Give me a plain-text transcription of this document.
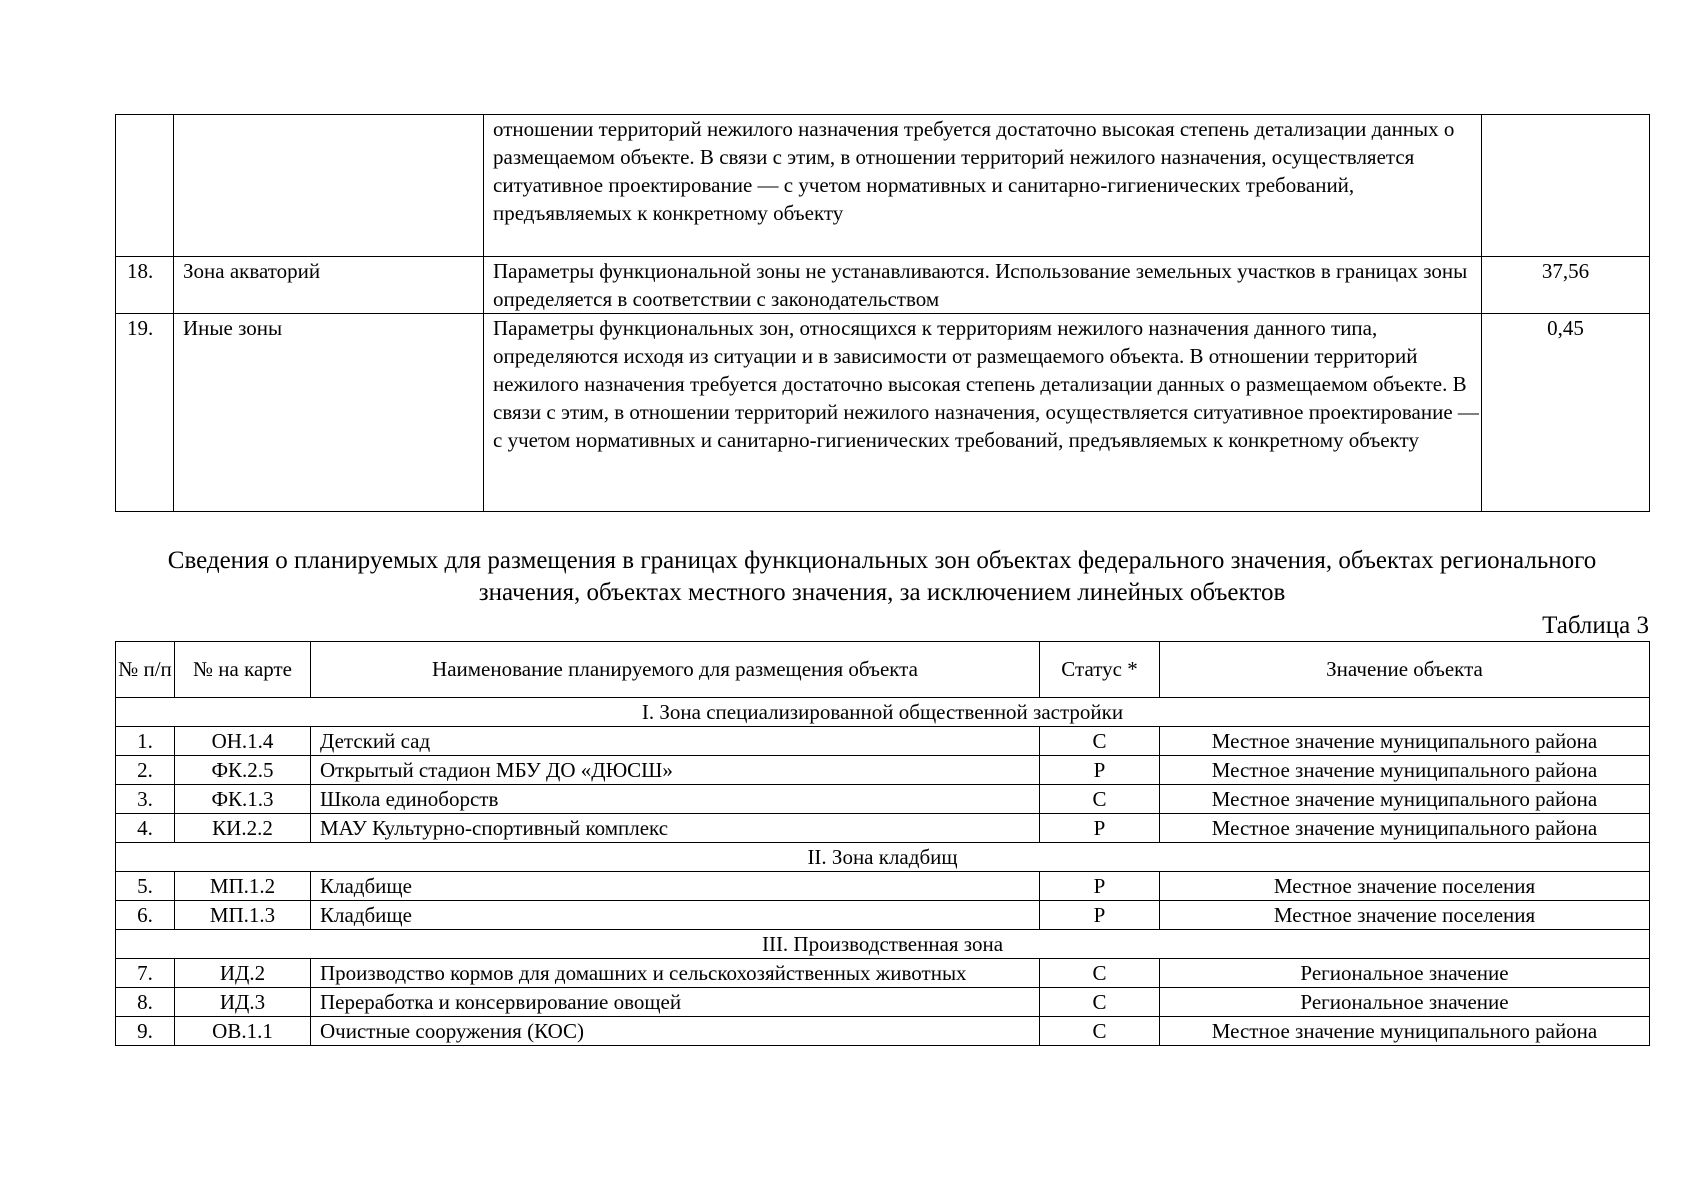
		отношении территорий нежилого назначения требуется достаточно высокая степень детализации данных о размещаемом объекте. В связи с этим, в отношении территорий нежилого назначения, осуществляется ситуативное проектирование — с учетом нормативных и санитарно-гигиенических требований, предъявляемых к конкретному объекту	
18.	Зона акваторий	Параметры функциональной зоны не устанавливаются. Использование земельных участков в границах зоны определяется в соответствии с законодательством	37,56
19.	Иные зоны	Параметры функциональных зон, относящихся к территориям нежилого назначения данного типа, определяются исходя из ситуации и в зависимости от размещаемого объекта. В отношении территорий нежилого назначения требуется достаточно высокая степень детализации данных о размещаемом объекте. В связи с этим, в отношении территорий нежилого назначения, осуществляется ситуативное проектирование — с учетом нормативных и санитарно-гигиенических требований, предъявляемых к конкретному объекту	0,45
Сведения о планируемых для размещения в границах функциональных зон объектах федерального значения, объектах регионального значения, объектах местного значения, за исключением линейных объектов
Таблица 3
№ п/п	№ на карте	Наименование планируемого для размещения объекта	Статус *	Значение объекта
I. Зона специализированной общественной застройки				
1.	ОН.1.4	Детский сад	С	Местное значение муниципального района
2.	ФК.2.5	Открытый стадион МБУ ДО «ДЮСШ»	Р	Местное значение муниципального района
3.	ФК.1.3	Школа единоборств	С	Местное значение муниципального района
4.	КИ.2.2	МАУ Культурно-спортивный комплекс	Р	Местное значение муниципального района
II. Зона кладбищ				
5.	МП.1.2	Кладбище	Р	Местное значение поселения
6.	МП.1.3	Кладбище	Р	Местное значение поселения
III. Производственная зона				
7.	ИД.2	Производство кормов для домашних и сельскохозяйственных животных	С	Региональное значение
8.	ИД.3	Переработка и консервирование овощей	С	Региональное значение
9.	ОВ.1.1	Очистные сооружения (КОС)	С	Местное значение муниципального района
